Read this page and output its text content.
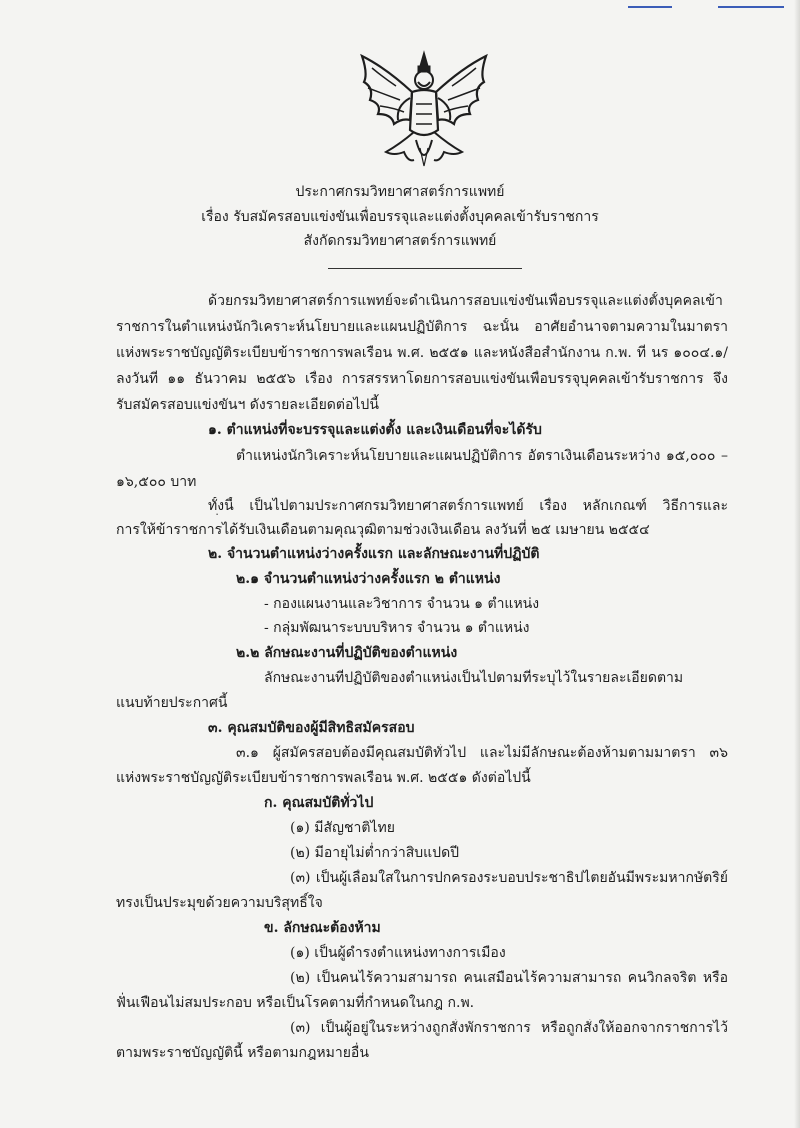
ประกาศกรมวิทยาศาสตร์การแพทย์
เรื่อง รับสมัครสอบแข่งขันเพื่อบรรจุและแต่งตั้งบุคคลเข้ารับราชการ
สังกัดกรมวิทยาศาสตร์การแพทย์
ด้วยกรมวิทยาศาสตร์การแพทย์จะดำเนินการสอบแข่งขันเพื่อบรรจุและแต่งตั้งบุคคลเข้า
ราชการในตำแหน่งนักวิเคราะห์นโยบายและแผนปฏิบัติการ ฉะนั้น อาศัยอำนาจตามความในมาตรา
แห่งพระราชบัญญัติระเบียบข้าราชการพลเรือน พ.ศ. ๒๕๕๑ และหนังสือสำนักงาน ก.พ. ที่ นร ๑๐๐๔.๑/
ลงวันที่ ๑๑ ธันวาคม ๒๕๕๖ เรื่อง การสรรหาโดยการสอบแข่งขันเพื่อบรรจุบุคคลเข้ารับราชการ จึง
รับสมัครสอบแข่งขันฯ ดังรายละเอียดต่อไปนี้
๑. ตำแหน่งที่จะบรรจุและแต่งตั้ง และเงินเดือนที่จะได้รับ
ตำแหน่งนักวิเคราะห์นโยบายและแผนปฏิบัติการ อัตราเงินเดือนระหว่าง ๑๕,๐๐๐ –
๑๖,๕๐๐ บาท
ทั้งนี้ เป็นไปตามประกาศกรมวิทยาศาสตร์การแพทย์ เรื่อง หลักเกณฑ์ วิธีการและ
การให้ข้าราชการได้รับเงินเดือนตามคุณวุฒิตามช่วงเงินเดือน ลงวันที่ ๒๕ เมษายน ๒๕๕๔
๒. จำนวนตำแหน่งว่างครั้งแรก และลักษณะงานที่ปฏิบัติ
๒.๑ จำนวนตำแหน่งว่างครั้งแรก ๒ ตำแหน่ง
- กองแผนงานและวิชาการ จำนวน ๑ ตำแหน่ง
- กลุ่มพัฒนาระบบบริหาร จำนวน ๑ ตำแหน่ง
๒.๒ ลักษณะงานที่ปฏิบัติของตำแหน่ง
ลักษณะงานที่ปฏิบัติของตำแหน่งเป็นไปตามที่ระบุไว้ในรายละเอียดตาม
แนบท้ายประกาศนี้
๓. คุณสมบัติของผู้มีสิทธิสมัครสอบ
๓.๑ ผู้สมัครสอบต้องมีคุณสมบัติทั่วไป และไม่มีลักษณะต้องห้ามตามมาตรา ๓๖
แห่งพระราชบัญญัติระเบียบข้าราชการพลเรือน พ.ศ. ๒๕๕๑ ดังต่อไปนี้
ก. คุณสมบัติทั่วไป
(๑) มีสัญชาติไทย
(๒) มีอายุไม่ต่ำกว่าสิบแปดปี
(๓) เป็นผู้เลื่อมใสในการปกครองระบอบประชาธิปไตยอันมีพระมหากษัตริย์
ทรงเป็นประมุขด้วยความบริสุทธิ์ใจ
ข. ลักษณะต้องห้าม
(๑) เป็นผู้ดำรงตำแหน่งทางการเมือง
(๒) เป็นคนไร้ความสามารถ คนเสมือนไร้ความสามารถ คนวิกลจริต หรือ
ฟั่นเฟือนไม่สมประกอบ หรือเป็นโรคตามที่กำหนดในกฎ ก.พ.
(๓) เป็นผู้อยู่ในระหว่างถูกสั่งพักราชการ หรือถูกสั่งให้ออกจากราชการไว้
ตามพระราชบัญญัตินี้ หรือตามกฎหมายอื่น
